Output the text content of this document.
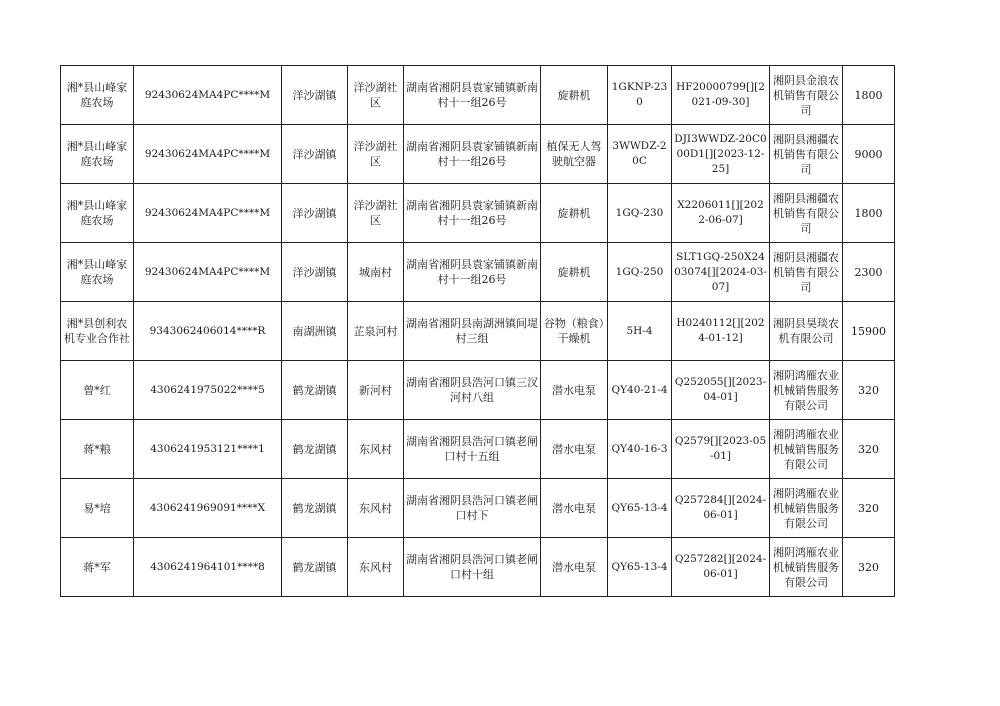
湘*县山峰家庭农场	92430624MA4PC****M	洋沙湖镇	洋沙湖社区	湖南省湘阴县袁家铺镇新南村十一组26号	旋耕机	1GKNP-230	HF20000799[][2021-09-30]	湘阴县金浪农机销售有限公司	1800
湘*县山峰家庭农场	92430624MA4PC****M	洋沙湖镇	洋沙湖社区	湖南省湘阴县袁家铺镇新南村十一组26号	植保无人驾驶航空器	3WWDZ-20C	DJI3WWDZ-20C000D1[][2023-12-25]	湘阴县湘疆农机销售有限公司	9000
湘*县山峰家庭农场	92430624MA4PC****M	洋沙湖镇	洋沙湖社区	湖南省湘阴县袁家铺镇新南村十一组26号	旋耕机	1GQ-230	X2206011[][2022-06-07]	湘阴县湘疆农机销售有限公司	1800
湘*县山峰家庭农场	92430624MA4PC****M	洋沙湖镇	城南村	湖南省湘阴县袁家铺镇新南村十一组26号	旋耕机	1GQ-250	SLT1GQ-250X2403074[][2024-03-07]	湘阴县湘疆农机销售有限公司	2300
湘*县创利农机专业合作社	9343062406014****R	南湖洲镇	芷泉河村	湖南省湘阴县南湖洲镇间堤村三组	谷物（粮食）干燥机	5H-4	H0240112[][2024-01-12]	湘阴县昊琰农机有限公司	15900
曾*红	4306241975022****5	鹤龙湖镇	新河村	湖南省湘阴县浩河口镇三汊河村八组	潜水电泵	QY40-21-4	Q252055[][2023-04-01]	湘阴鸿雁农业机械销售服务有限公司	320
蒋*粮	4306241953121****1	鹤龙湖镇	东风村	湖南省湘阴县浩河口镇老闸口村十五组	潜水电泵	QY40-16-3	Q2579[][2023-05-01]	湘阴鸿雁农业机械销售服务有限公司	320
易*培	4306241969091****X	鹤龙湖镇	东风村	湖南省湘阴县浩河口镇老闸口村下	潜水电泵	QY65-13-4	Q257284[][2024-06-01]	湘阴鸿雁农业机械销售服务有限公司	320
蒋*军	4306241964101****8	鹤龙湖镇	东风村	湖南省湘阴县浩河口镇老闸口村十组	潜水电泵	QY65-13-4	Q257282[][2024-06-01]	湘阴鸿雁农业机械销售服务有限公司	320
